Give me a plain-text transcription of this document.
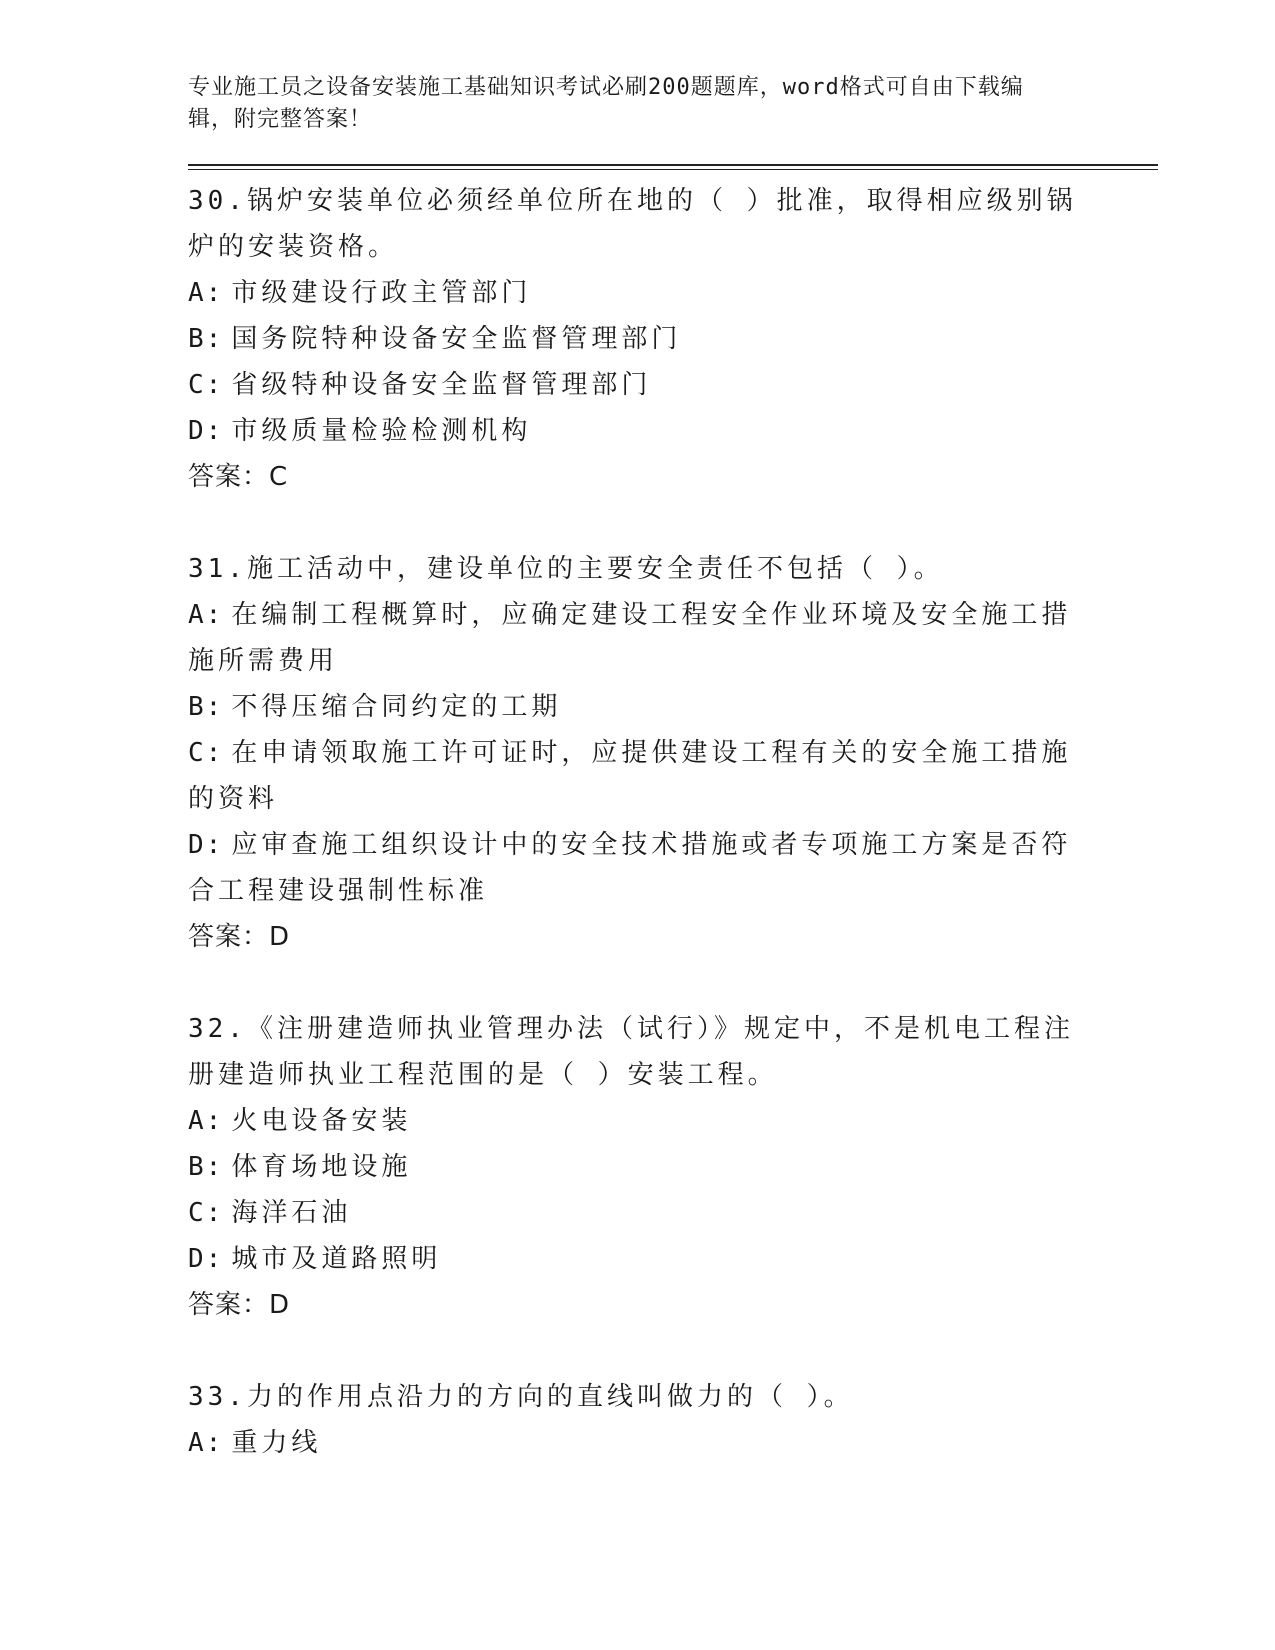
专业施工员之设备安装施工基础知识考试必刷200题题库，word格式可自由下载编辑，附完整答案！
30.锅炉安装单位必须经单位所在地的（ ）批准，取得相应级别锅炉的安装资格。
A: 市级建设行政主管部门
B: 国务院特种设备安全监督管理部门
C: 省级特种设备安全监督管理部门
D: 市级质量检验检测机构
答案：C
31.施工活动中，建设单位的主要安全责任不包括（ ）。
A: 在编制工程概算时，应确定建设工程安全作业环境及安全施工措施所需费用
B: 不得压缩合同约定的工期
C: 在申请领取施工许可证时，应提供建设工程有关的安全施工措施的资料
D: 应审查施工组织设计中的安全技术措施或者专项施工方案是否符合工程建设强制性标准
答案：D
32.《注册建造师执业管理办法（试行）》规定中，不是机电工程注册建造师执业工程范围的是（ ）安装工程。
A: 火电设备安装
B: 体育场地设施
C: 海洋石油
D: 城市及道路照明
答案：D
33.力的作用点沿力的方向的直线叫做力的（ ）。
A: 重力线
